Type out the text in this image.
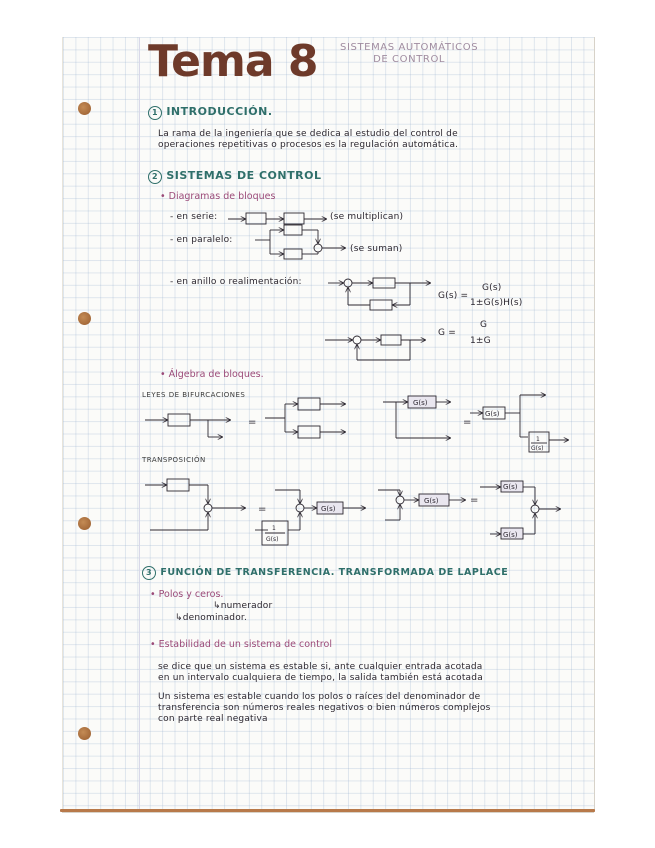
Tema 8 SISTEMAS AUTOMÁTICOS
DE CONTROL
1 INTRODUCCIÓN.
La rama de la ingeniería que se dedica al estudio del control de
operaciones repetitivas o procesos es la regulación automática.
2 SISTEMAS DE CONTROL
• Diagramas de bloques
- en serie:	(se multiplican)
- en paralelo:
(se suman)
- en anillo o realimentación:
G(s) =
G(s)
1±G(s)H(s)
G =
G
1±G
• Álgebra de bloques.
LEYES DE BIFURCACIONES
TRANSPOSICIÓN
3 FUNCIÓN DE TRANSFERENCIA. TRANSFORMADA DE LAPLACE
• Polos y ceros.
↳numerador
↳denominador.
• Estabilidad de un sistema de control
se dice que un sistema es estable si, ante cualquier entrada acotada
en un intervalo cualquiera de tiempo, la salida también está acotada
Un sistema es estable cuando los polos o raíces del denominador de
transferencia son números reales negativos o bien números complejos
con parte real negativa
=
G(s)
=
G(s)
1
G(s)
=	G(s)
1
G(s)
G(s)	=
G(s)
G(s)
